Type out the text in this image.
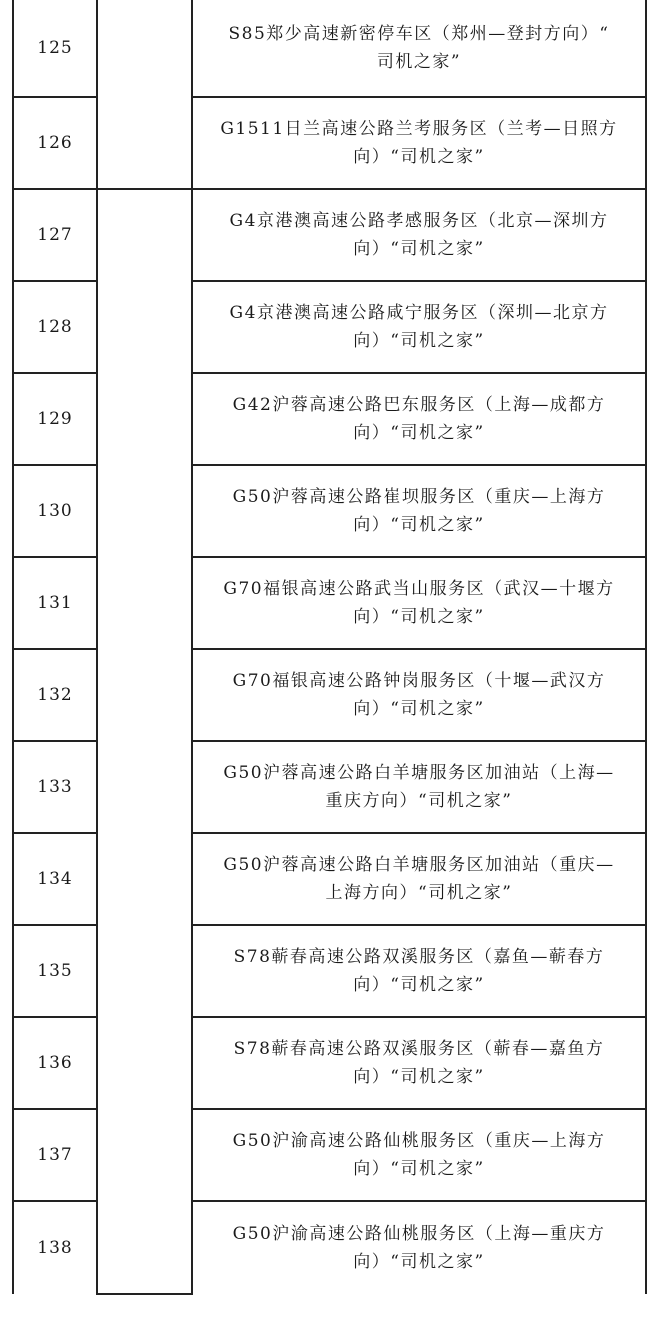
125		S85郑少高速新密停车区（郑州—登封方向）“
司机之家”
126		G1511日兰高速公路兰考服务区（兰考—日照方
向）“司机之家”
127		G4京港澳高速公路孝感服务区（北京—深圳方
向）“司机之家”
128		G4京港澳高速公路咸宁服务区（深圳—北京方
向）“司机之家”
129		G42沪蓉高速公路巴东服务区（上海—成都方
向）“司机之家”
130		G50沪蓉高速公路崔坝服务区（重庆—上海方
向）“司机之家”
131		G70福银高速公路武当山服务区（武汉—十堰方
向）“司机之家”
132		G70福银高速公路钟岗服务区（十堰—武汉方
向）“司机之家”
133		G50沪蓉高速公路白羊塘服务区加油站（上海—
重庆方向）“司机之家”
134		G50沪蓉高速公路白羊塘服务区加油站（重庆—
上海方向）“司机之家”
135		S78蕲春高速公路双溪服务区（嘉鱼—蕲春方
向）“司机之家”
136		S78蕲春高速公路双溪服务区（蕲春—嘉鱼方
向）“司机之家”
137		G50沪渝高速公路仙桃服务区（重庆—上海方
向）“司机之家”
138		G50沪渝高速公路仙桃服务区（上海—重庆方
向）“司机之家”
